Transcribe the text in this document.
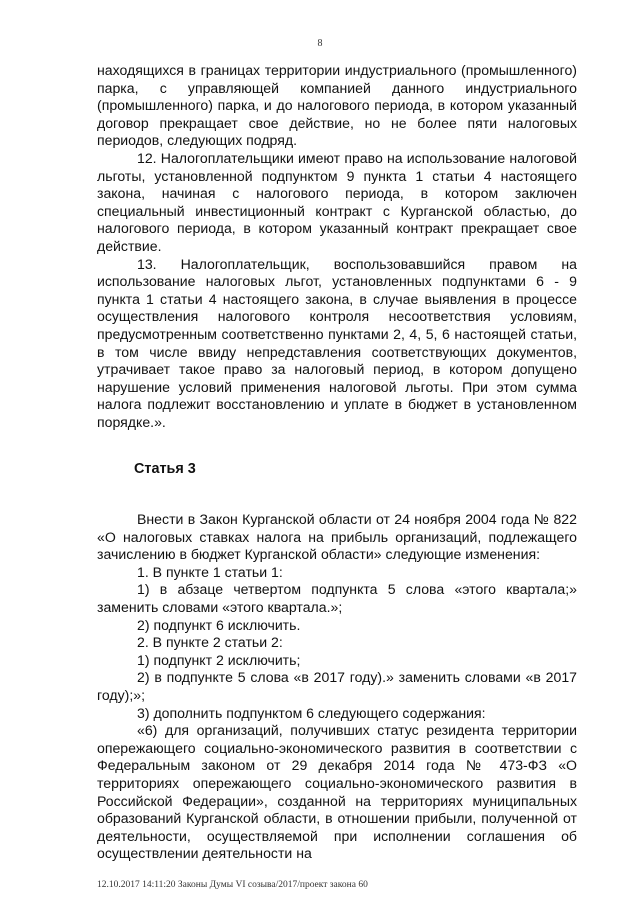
8

находящихся в границах территории индустриального (промышленного) парка, с управляющей компанией данного индустриального (промышленного) парка, и до налогового периода, в котором указанный договор прекращает свое действие, но не более пяти налоговых периодов, следующих подряд.

12. Налогоплательщики имеют право на использование налоговой льготы, установленной подпунктом 9 пункта 1 статьи 4 настоящего закона, начиная с налогового периода, в котором заключен специальный инвестиционный контракт с Курганской областью, до налогового периода, в котором указанный контракт прекращает свое действие.

13. Налогоплательщик, воспользовавшийся правом на использование налоговых льгот, установленных подпунктами 6 - 9 пункта 1 статьи 4 настоящего закона, в случае выявления в процессе осуществления налогового контроля несоответствия условиям, предусмотренным соответственно пунктами 2, 4, 5, 6 настоящей статьи, в том числе ввиду непредставления соответствующих документов, утрачивает такое право за налоговый период, в котором допущено нарушение условий применения налоговой льготы. При этом сумма налога подлежит восстановлению и уплате в бюджет в установленном порядке.».

Статья 3

Внести в Закон Курганской области от 24 ноября 2004 года № 822 «О налоговых ставках налога на прибыль организаций, подлежащего зачислению в бюджет Курганской области» следующие изменения:

1. В пункте 1 статьи 1:

1) в абзаце четвертом подпункта 5 слова «этого квартала;» заменить словами «этого квартала.»;

2) подпункт 6 исключить.

2. В пункте 2 статьи 2:

1) подпункт 2 исключить;

2) в подпункте 5 слова «в 2017 году).» заменить словами «в 2017 году);»;

3) дополнить подпунктом 6 следующего содержания:

«6) для организаций, получивших статус резидента территории опережающего социально-экономического развития в соответствии с Федеральным законом от 29 декабря 2014 года № 473-ФЗ «О территориях опережающего социально-экономического развития в Российской Федерации», созданной на территориях муниципальных образований Курганской области, в отношении прибыли, полученной от деятельности, осуществляемой при исполнении соглашения об осуществлении деятельности на

12.10.2017 14:11:20 Законы Думы VI созыва/2017/проект закона 60
